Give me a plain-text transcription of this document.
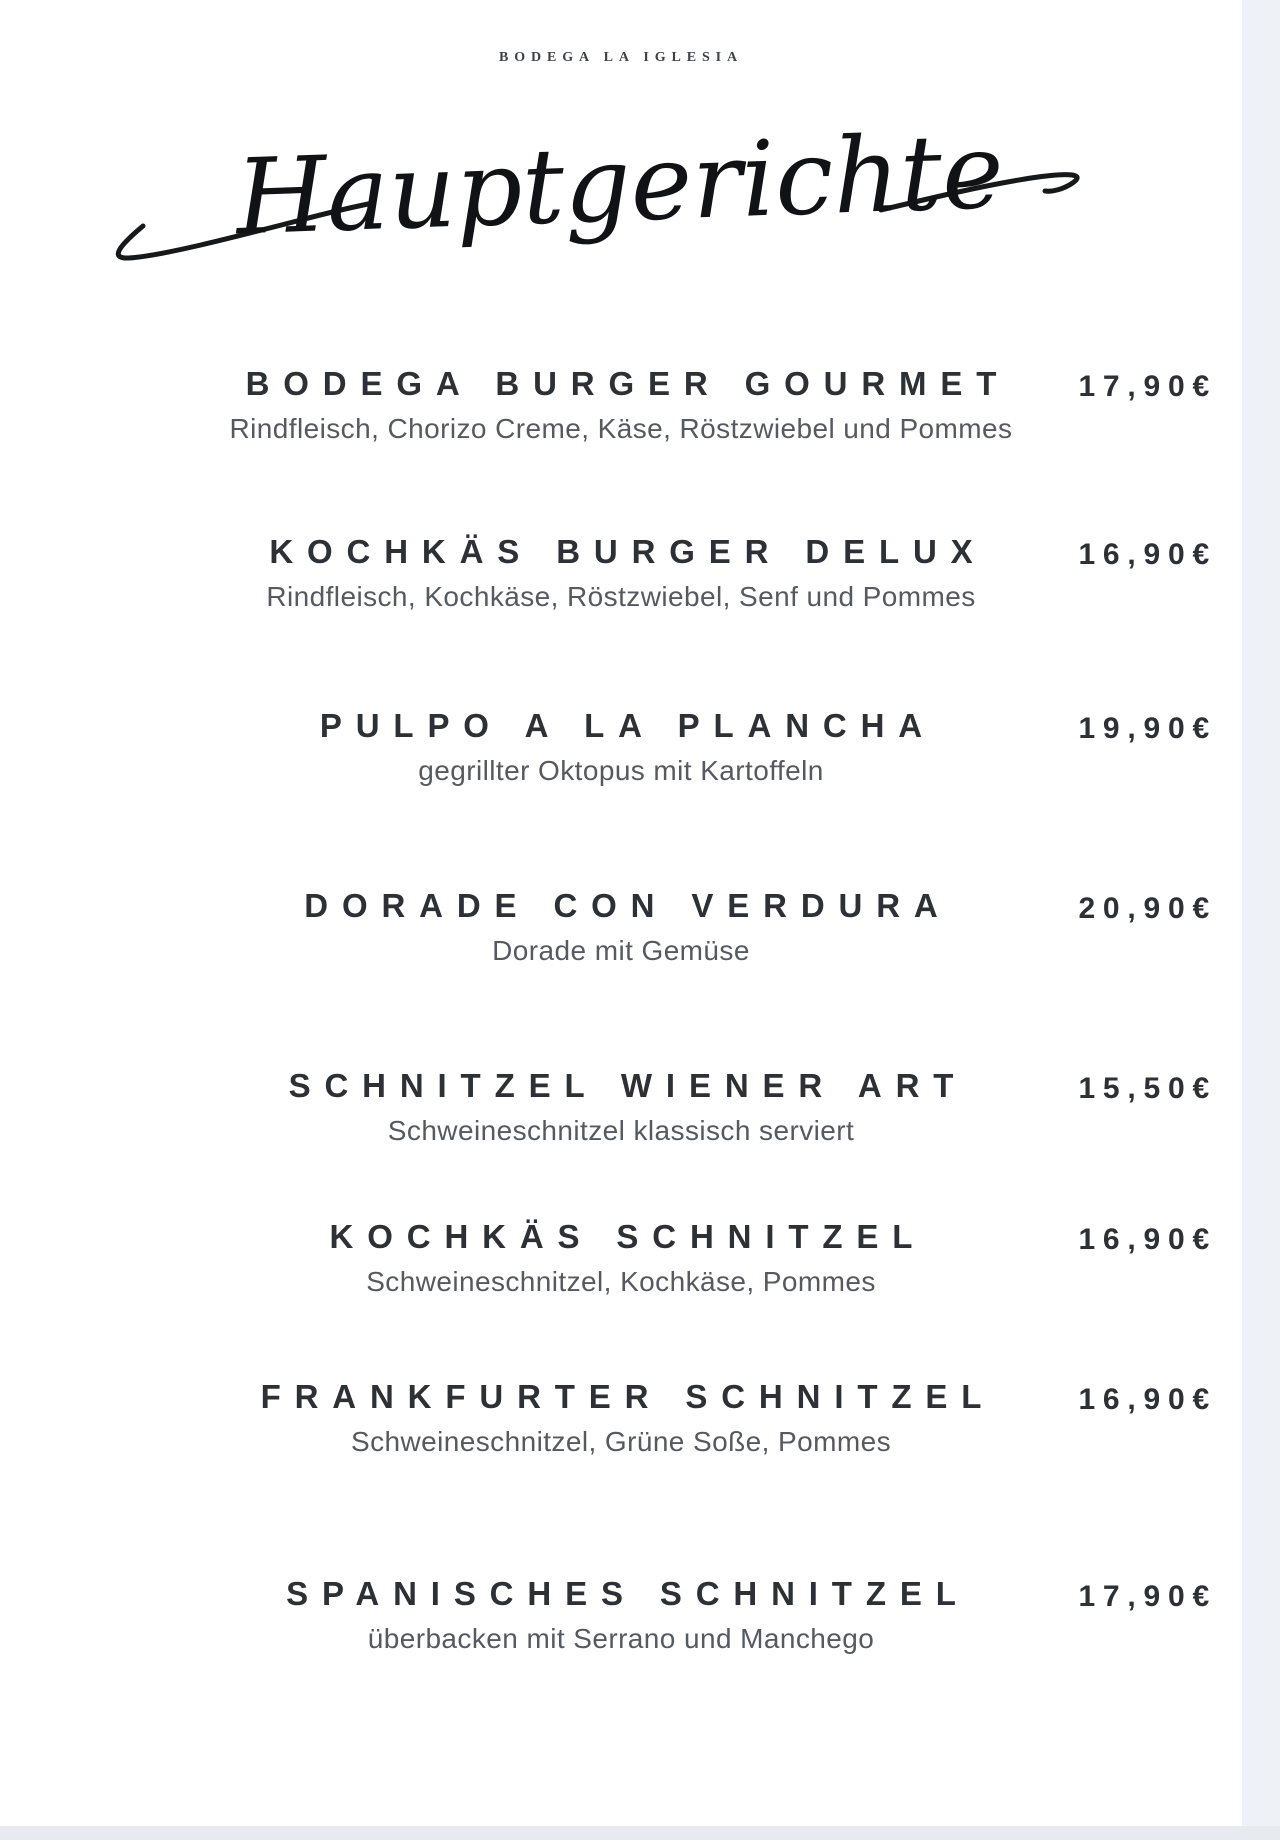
BODEGA LA IGLESIA
Hauptgerichte
BODEGA BURGER GOURMET
Rindfleisch, Chorizo Creme, Käse, Röstzwiebel und Pommes
17,90€
KOCHKÄS BURGER DELUX
Rindfleisch, Kochkäse, Röstzwiebel, Senf und Pommes
16,90€
PULPO A LA PLANCHA
gegrillter Oktopus mit Kartoffeln
19,90€
DORADE CON VERDURA
Dorade mit Gemüse
20,90€
SCHNITZEL WIENER ART
Schweineschnitzel klassisch serviert
15,50€
KOCHKÄS SCHNITZEL
Schweineschnitzel, Kochkäse, Pommes
16,90€
FRANKFURTER SCHNITZEL
Schweineschnitzel, Grüne Soße, Pommes
16,90€
SPANISCHES SCHNITZEL
überbacken mit Serrano und Manchego
17,90€
